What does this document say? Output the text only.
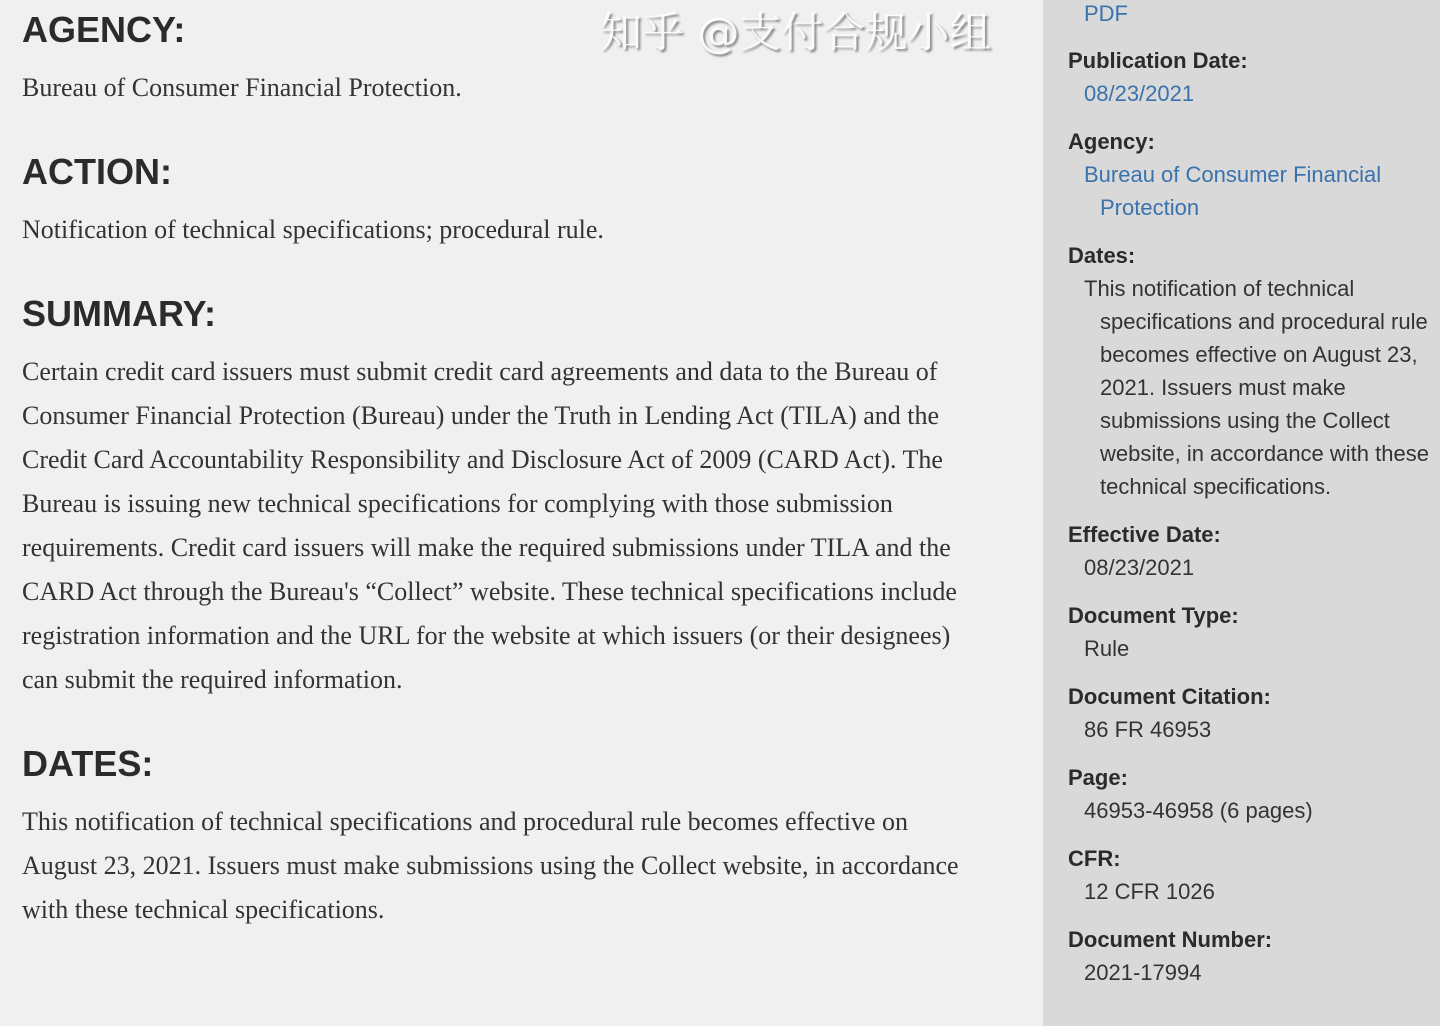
AGENCY:

Bureau of Consumer Financial Protection.

ACTION:

Notification of technical specifications; procedural rule.

SUMMARY:

Certain credit card issuers must submit credit card agreements and data to the Bureau of Consumer Financial Protection (Bureau) under the Truth in Lending Act (TILA) and the Credit Card Accountability Responsibility and Disclosure Act of 2009 (CARD Act). The Bureau is issuing new technical specifications for complying with those submission requirements. Credit card issuers will make the required submissions under TILA and the CARD Act through the Bureau's “Collect” website. These technical specifications include registration information and the URL for the website at which issuers (or their designees) can submit the required information.

DATES:

This notification of technical specifications and procedural rule becomes effective on August 23, 2021. Issuers must make submissions using the Collect website, in accordance with these technical specifications.

PDF
Publication Date:
08/23/2021
Agency:
Bureau of Consumer Financial Protection
Dates:
This notification of technical specifications and procedural rule becomes effective on August 23, 2021. Issuers must make submissions using the Collect website, in accordance with these technical specifications.
Effective Date:
08/23/2021
Document Type:
Rule
Document Citation:
86 FR 46953
Page:
46953-46958 (6 pages)
CFR:
12 CFR 1026
Document Number:
2021-17994
知乎 @支付合规小组
